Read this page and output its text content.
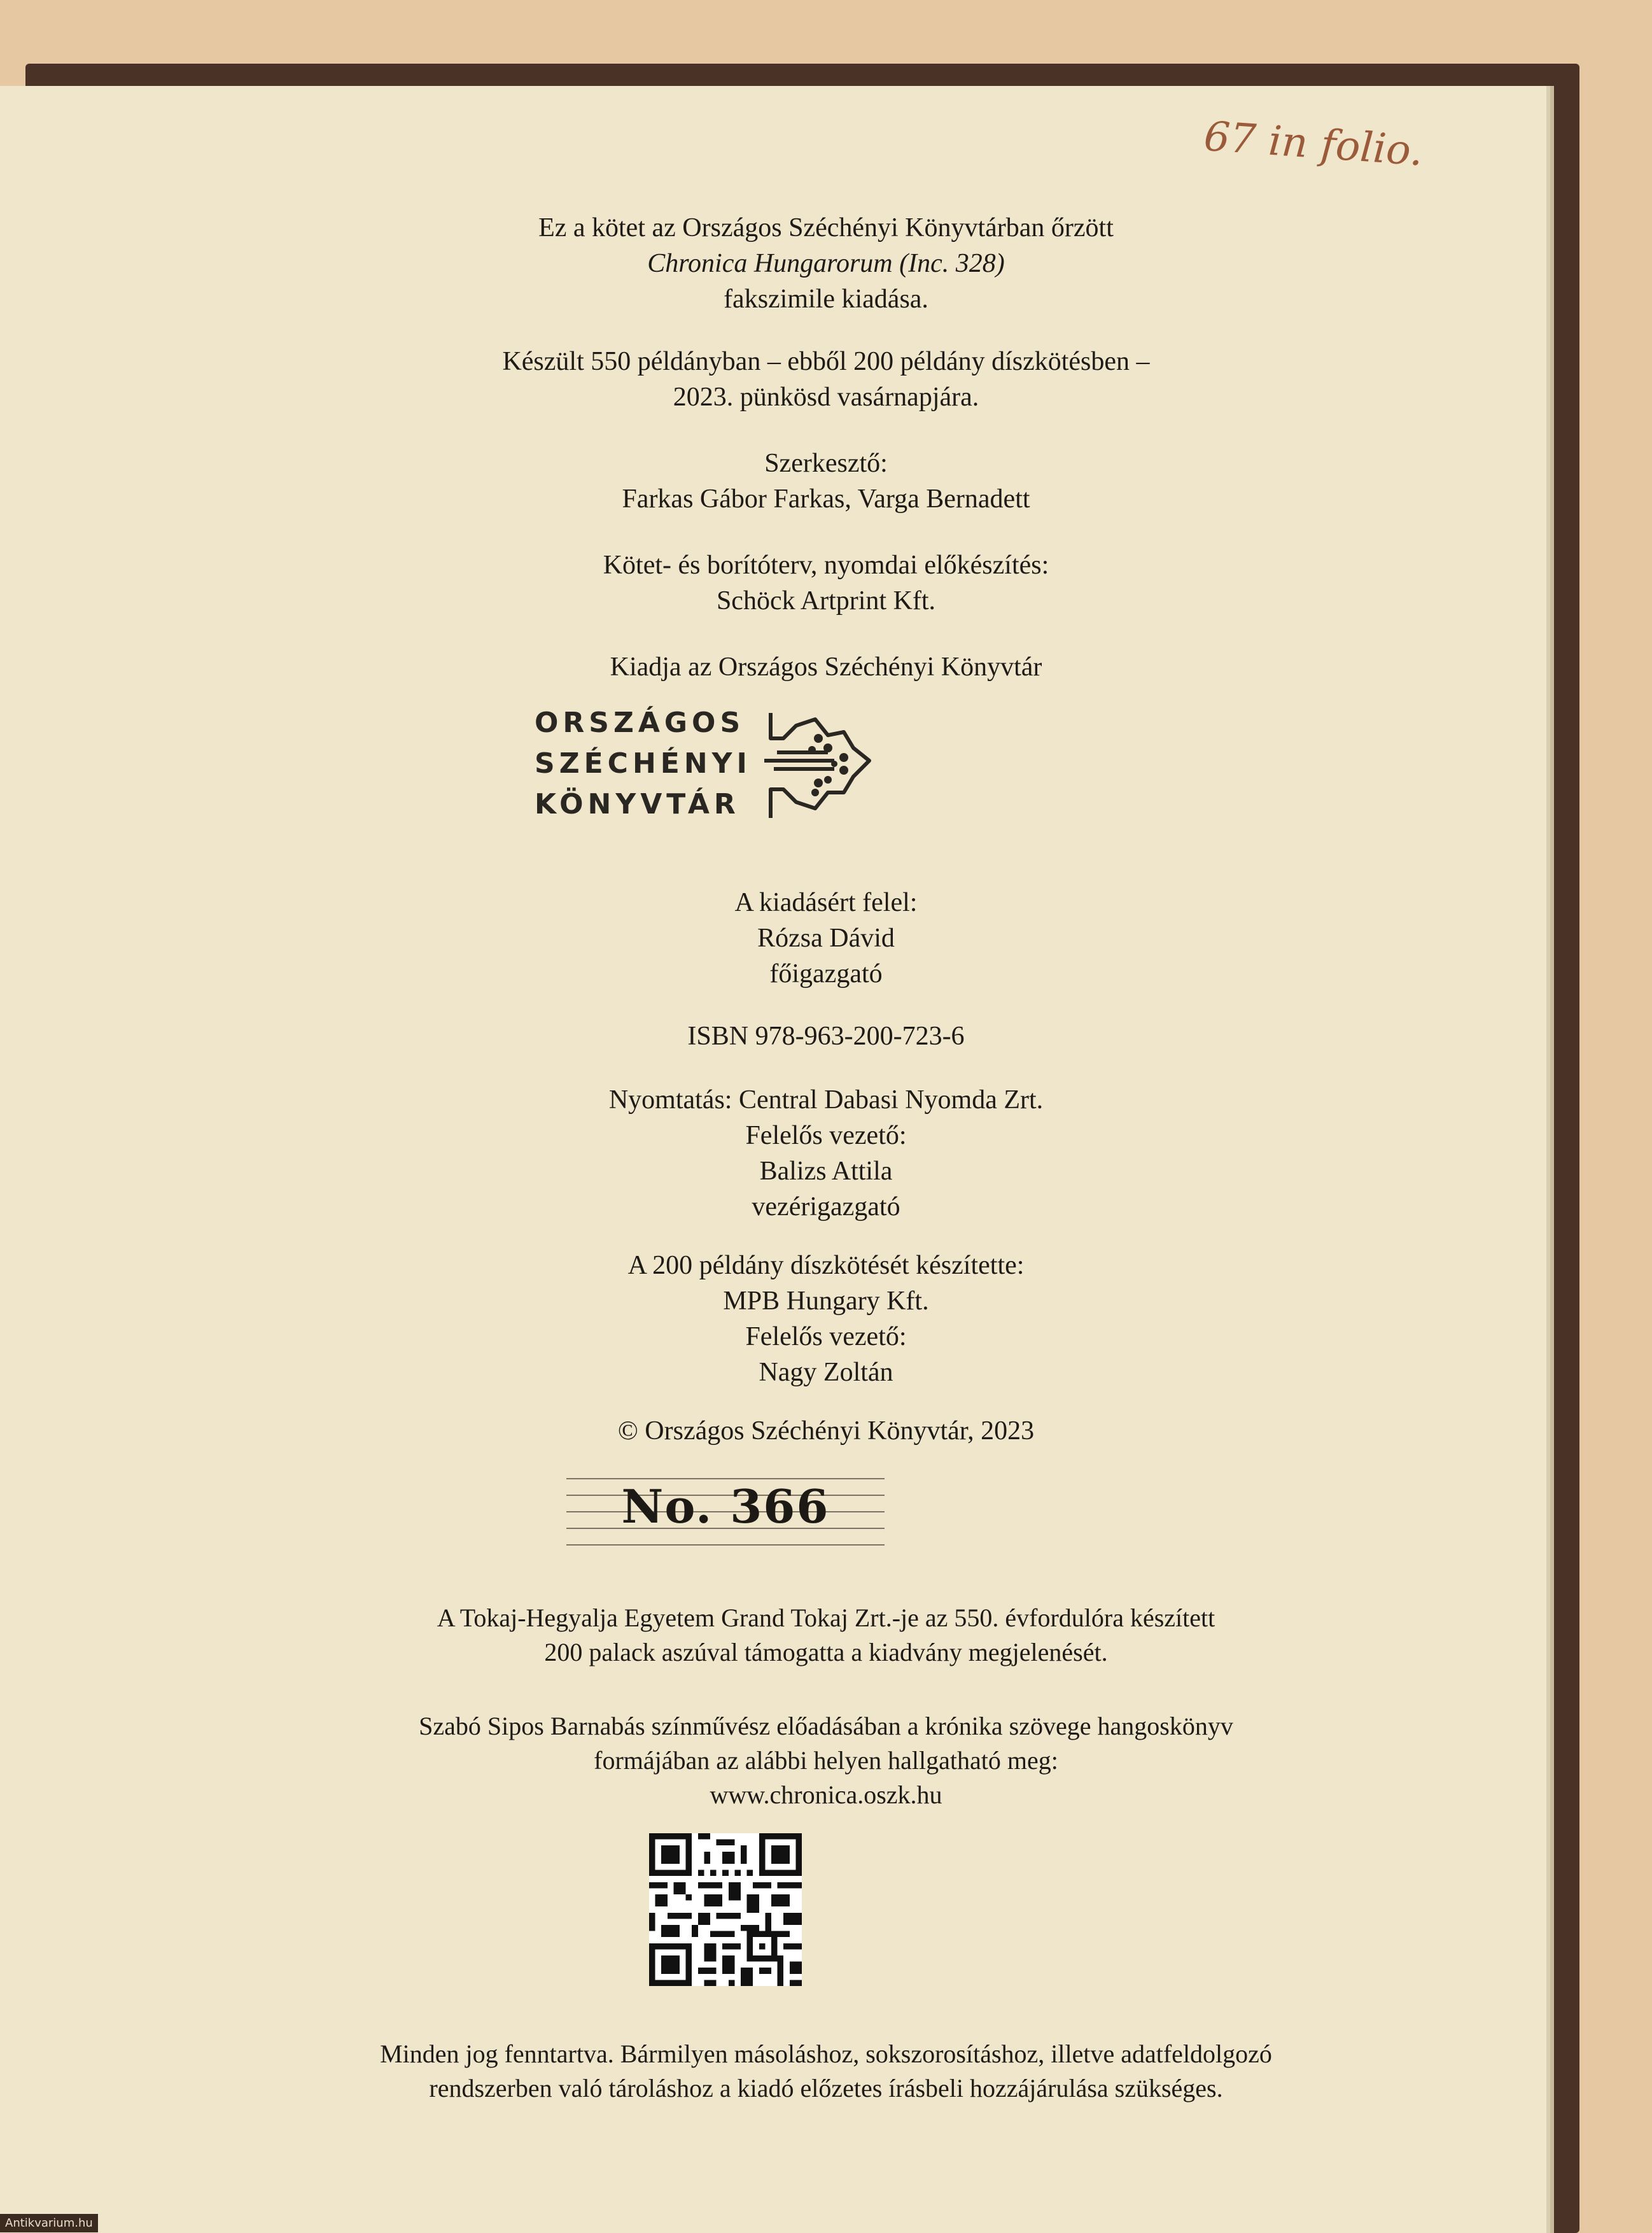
67 in folio.
Ez a kötet az Országos Széchényi Könyvtárban őrzött
Chronica Hungarorum (Inc. 328)
fakszimile kiadása.
Készült 550 példányban – ebből 200 példány díszkötésben –
2023. pünkösd vasárnapjára.
Szerkesztő:
Farkas Gábor Farkas, Varga Bernadett
Kötet- és borítóterv, nyomdai előkészítés:
Schöck Artprint Kft.
Kiadja az Országos Széchényi Könyvtár
ORSZÁGOS
SZÉCHÉNYI
KÖNYVTÁR
A kiadásért felel:
Rózsa Dávid
főigazgató
ISBN 978-963-200-723-6
Nyomtatás: Central Dabasi Nyomda Zrt.
Felelős vezető:
Balizs Attila
vezérigazgató
A 200 példány díszkötését készítette:
MPB Hungary Kft.
Felelős vezető:
Nagy Zoltán
© Országos Széchényi Könyvtár, 2023
No. 366
A Tokaj-Hegyalja Egyetem Grand Tokaj Zrt.-je az 550. évfordulóra készített
200 palack aszúval támogatta a kiadvány megjelenését.
Szabó Sipos Barnabás színművész előadásában a krónika szövege hangoskönyv
formájában az alábbi helyen hallgatható meg:
www.chronica.oszk.hu
Minden jog fenntartva. Bármilyen másoláshoz, sokszorosításhoz, illetve adatfeldolgozó
rendszerben való tároláshoz a kiadó előzetes írásbeli hozzájárulása szükséges.
Antikvarium.hu
